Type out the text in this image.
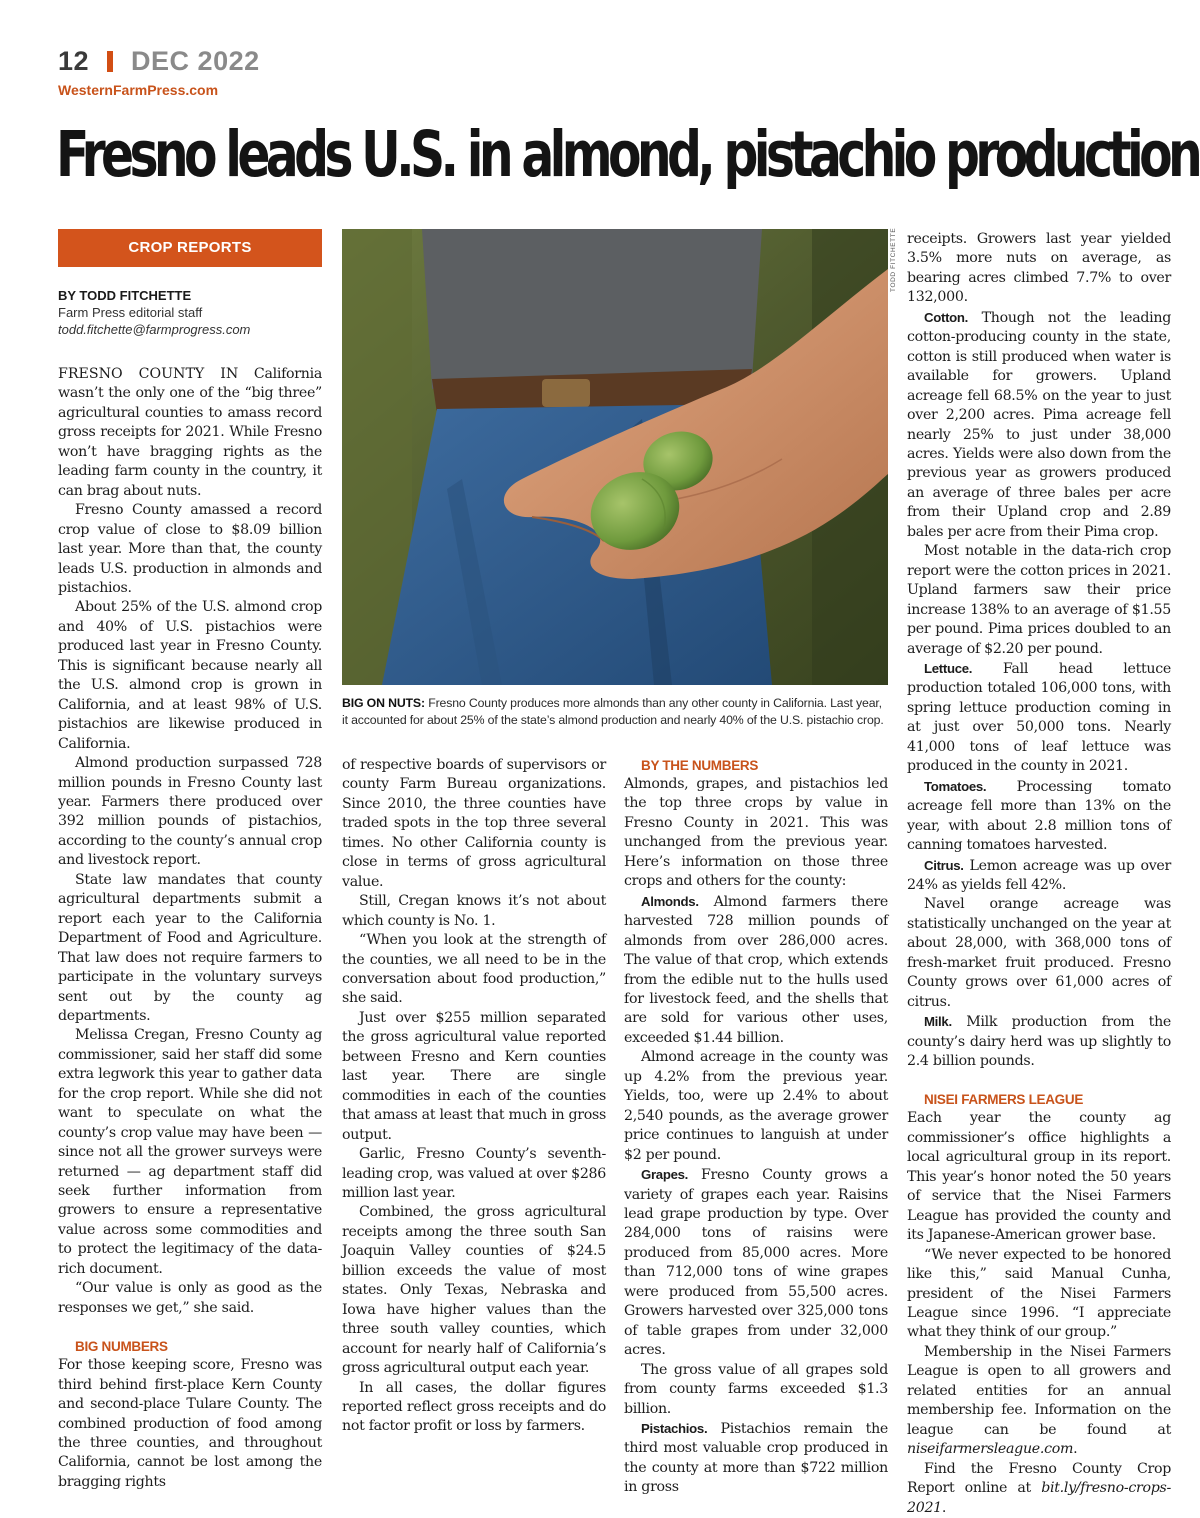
12 DEC 2022
WesternFarmPress.com
Fresno leads U.S. in almond, pistachio production
CROP REPORTS
BY TODD FITCHETTE
Farm Press editorial staff
todd.fitchette@farmprogress.com
TODD FITCHETTE
BIG ON NUTS: Fresno County produces more almonds than any other county in California. Last year, it accounted for about 25% of the state’s almond production and nearly 40% of the U.S. pistachio crop.

FRESNO COUNTY IN California wasn’t the only one of the “big three” agricultural counties to amass record gross receipts for 2021. While Fresno won’t have bragging rights as the leading farm county in the country, it can brag about nuts.

Fresno County amassed a record crop value of close to $8.09 billion last year. More than that, the county leads U.S. production in almonds and pistachios.

About 25% of the U.S. almond crop and 40% of U.S. pistachios were produced last year in Fresno County. This is significant because nearly all the U.S. almond crop is grown in California, and at least 98% of U.S. pistachios are likewise produced in California.

Almond production surpassed 728 million pounds in Fresno County last year. Farmers there produced over 392 million pounds of pistachios, according to the county’s annual crop and livestock report.

State law mandates that county agricultural departments submit a report each year to the California Department of Food and Agriculture. That law does not require farmers to participate in the voluntary surveys sent out by the county ag departments.

Melissa Cregan, Fresno County ag commissioner, said her staff did some extra legwork this year to gather data for the crop report. While she did not want to speculate on what the county’s crop value may have been — since not all the grower surveys were returned — ag department staff did seek further information from growers to ensure a representative value across some commodities and to protect the legitimacy of the data-rich document.

“Our value is only as good as the responses we get,” she said.

BIG NUMBERS

For those keeping score, Fresno was third behind first-place Kern County and second-place Tulare County. The combined production of food among the three counties, and throughout California, cannot be lost among the bragging rights

of respective boards of supervisors or county Farm Bureau organizations. Since 2010, the three counties have traded spots in the top three several times. No other California county is close in terms of gross agricultural value.

Still, Cregan knows it’s not about which county is No. 1.

“When you look at the strength of the counties, we all need to be in the conversation about food production,” she said.

Just over $255 million separated the gross agricultural value reported between Fresno and Kern counties last year. There are single commodities in each of the counties that amass at least that much in gross output.

Garlic, Fresno County’s seventh-leading crop, was valued at over $286 million last year.

Combined, the gross agricultural receipts among the three south San Joaquin Valley counties of $24.5 billion exceeds the value of most states. Only Texas, Nebraska and Iowa have higher values than the three south valley counties, which account for nearly half of California’s gross agricultural output each year.

In all cases, the dollar figures reported reflect gross receipts and do not factor profit or loss by farmers.

BY THE NUMBERS

Almonds, grapes, and pistachios led the top three crops by value in Fresno County in 2021. This was unchanged from the previous year. Here’s information on those three crops and others for the county:

Almonds. Almond farmers there harvested 728 million pounds of almonds from over 286,000 acres. The value of that crop, which extends from the edible nut to the hulls used for livestock feed, and the shells that are sold for various other uses, exceeded $1.44 billion.

Almond acreage in the county was up 4.2% from the previous year. Yields, too, were up 2.4% to about 2,540 pounds, as the average grower price continues to languish at under $2 per pound.

Grapes. Fresno County grows a variety of grapes each year. Raisins lead grape production by type. Over 284,000 tons of raisins were produced from 85,000 acres. More than 712,000 tons of wine grapes were produced from 55,500 acres. Growers harvested over 325,000 tons of table grapes from under 32,000 acres.

The gross value of all grapes sold from county farms exceeded $1.3 billion.

Pistachios. Pistachios remain the third most valuable crop produced in the county at more than $722 million in gross

receipts. Growers last year yielded 3.5% more nuts on average, as bearing acres climbed 7.7% to over 132,000.

Cotton. Though not the leading cotton-producing county in the state, cotton is still produced when water is available for growers. Upland acreage fell 68.5% on the year to just over 2,200 acres. Pima acreage fell nearly 25% to just under 38,000 acres. Yields were also down from the previous year as growers produced an average of three bales per acre from their Upland crop and 2.89 bales per acre from their Pima crop.

Most notable in the data-rich crop report were the cotton prices in 2021. Upland farmers saw their price increase 138% to an average of $1.55 per pound. Pima prices doubled to an average of $2.20 per pound.

Lettuce. Fall head lettuce production totaled 106,000 tons, with spring lettuce production coming in at just over 50,000 tons. Nearly 41,000 tons of leaf lettuce was produced in the county in 2021.

Tomatoes. Processing tomato acreage fell more than 13% on the year, with about 2.8 million tons of canning tomatoes harvested.

Citrus. Lemon acreage was up over 24% as yields fell 42%.

Navel orange acreage was statistically unchanged on the year at about 28,000, with 368,000 tons of fresh-market fruit produced. Fresno County grows over 61,000 acres of citrus.

Milk. Milk production from the county’s dairy herd was up slightly to 2.4 billion pounds.

NISEI FARMERS LEAGUE

Each year the county ag commissioner’s office highlights a local agricultural group in its report. This year’s honor noted the 50 years of service that the Nisei Farmers League has provided the county and its Japanese-American grower base.

“We never expected to be honored like this,” said Manual Cunha, president of the Nisei Farmers League since 1996. “I appreciate what they think of our group.”

Membership in the Nisei Farmers League is open to all growers and related entities for an annual membership fee. Information on the league can be found at niseifarmersleague.com.

Find the Fresno County Crop Report online at bit.ly/fresno-crops-2021.
